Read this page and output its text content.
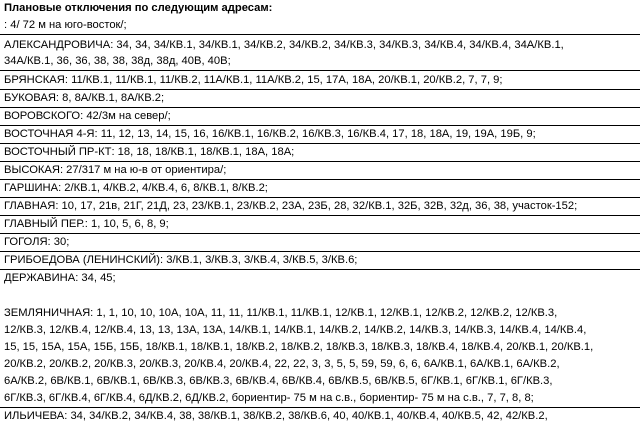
Плановые отключения по следующим адресам:
: 4/ 72 м на юго-восток/;
АЛЕКСАНДРОВИЧА: 34, 34, 34/КВ.1, 34/КВ.1, 34/КВ.2, 34/КВ.2, 34/КВ.3, 34/КВ.3, 34/КВ.4, 34/КВ.4, 34А/КВ.1,
34А/КВ.1, 36, 36, 38, 38, 38д, 38д, 40В, 40В;
БРЯНСКАЯ: 11/КВ.1, 11/КВ.1, 11/КВ.2, 11А/КВ.1, 11А/КВ.2, 15, 17А, 18А, 20/КВ.1, 20/КВ.2, 7, 7, 9;
БУКОВАЯ: 8, 8А/КВ.1, 8А/КВ.2;
ВОРОВСКОГО: 42/3м на север/;
ВОСТОЧНАЯ 4-Я: 11, 12, 13, 14, 15, 16, 16/КВ.1, 16/КВ.2, 16/КВ.3, 16/КВ.4, 17, 18, 18А, 19, 19А, 19Б, 9;
ВОСТОЧНЫЙ ПР-КТ: 18, 18, 18/КВ.1, 18/КВ.1, 18А, 18А;
ВЫСОКАЯ: 27/317 м на ю-в от ориентира/;
ГАРШИНА: 2/КВ.1, 4/КВ.2, 4/КВ.4, 6, 8/КВ.1, 8/КВ.2;
ГЛАВНАЯ: 10, 17, 21в, 21Г, 21Д, 23, 23/КВ.1, 23/КВ.2, 23А, 23Б, 28, 32/КВ.1, 32Б, 32В, 32д, 36, 38, участок-152;
ГЛАВНЫЙ ПЕР.: 1, 10, 5, 6, 8, 9;
ГОГОЛЯ: 30;
ГРИБОЕДОВА (ЛЕНИНСКИЙ): 3/КВ.1, 3/КВ.3, 3/КВ.4, 3/КВ.5, 3/КВ.6;
ДЕРЖАВИНА: 34, 45;
ЗЕМЛЯНИЧНАЯ: 1, 1, 10, 10, 10А, 10А, 11, 11, 11/КВ.1, 11/КВ.1, 12/КВ.1, 12/КВ.1, 12/КВ.2, 12/КВ.2, 12/КВ.3,
12/КВ.3, 12/КВ.4, 12/КВ.4, 13, 13, 13А, 13А, 14/КВ.1, 14/КВ.1, 14/КВ.2, 14/КВ.2, 14/КВ.3, 14/КВ.3, 14/КВ.4, 14/КВ.4,
15, 15, 15А, 15А, 15Б, 15Б, 18/КВ.1, 18/КВ.1, 18/КВ.2, 18/КВ.2, 18/КВ.3, 18/КВ.3, 18/КВ.4, 18/КВ.4, 20/КВ.1, 20/КВ.1,
20/КВ.2, 20/КВ.2, 20/КВ.3, 20/КВ.3, 20/КВ.4, 20/КВ.4, 22, 22, 3, 3, 5, 5, 59, 59, 6, 6, 6А/КВ.1, 6А/КВ.1, 6А/КВ.2,
6А/КВ.2, 6В/КВ.1, 6В/КВ.1, 6В/КВ.3, 6В/КВ.3, 6В/КВ.4, 6В/КВ.4, 6В/КВ.5, 6В/КВ.5, 6Г/КВ.1, 6Г/КВ.1, 6Г/КВ.3,
6Г/КВ.3, 6Г/КВ.4, 6Г/КВ.4, 6Д/КВ.2, 6Д/КВ.2, бориентир- 75 м на с.в., бориентир- 75 м на с.в., 7, 7, 8, 8;
ИЛЬИЧЕВА: 34, 34/КВ.2, 34/КВ.4, 38, 38/КВ.1, 38/КВ.2, 38/КВ.6, 40, 40/КВ.1, 40/КВ.4, 40/КВ.5, 42, 42/КВ.2,
